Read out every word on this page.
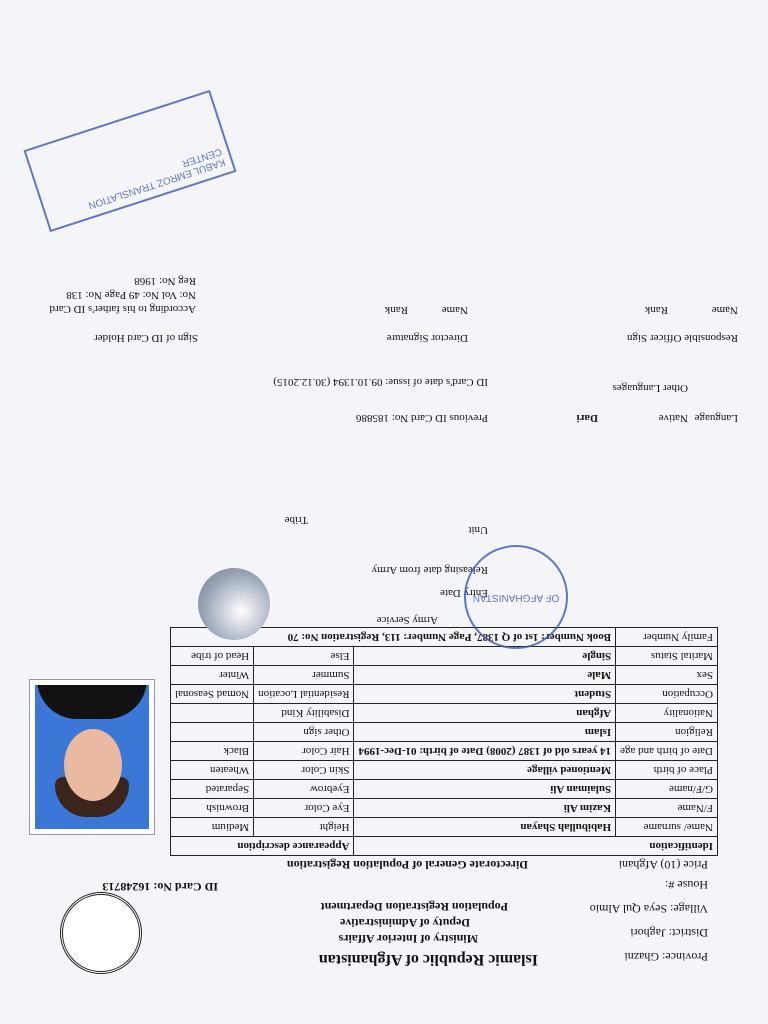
Islamic Republic of Afghanistan
Ministry of Interior Affairs
Deputy of Administrative
Population Registration Department
Province: Ghazni
District: Jaghori
Village: Seya Qul Almio
House #:
ID Card No: 16248713
Price (10) Afghani
Directorate General of Population Registration
Identification		Appearance description	
Name/ surname	Habibullah Shayan	Height	Medium
F/Name	Kazim Ali	Eye Color	Brownish
G/F/name	Sulaiman Ali	Eyebrow	Separated
Place of birth	Mentioned village	Skin Color	Wheaten
Date of birth and age	14 years old of 1387 (2008) Date of birth: 01-Dec-1994	Hair Color	Black
Religion	Islam	Other sign	
Nationality	Afghan	Disability Kind	
Occupation	Student	Residential Location	Nomad Seasonal
Sex	Male	Summer	Winter
Marital Status	Single	Else	Head of tribe
Family Number	Book Number: 1st of Q 1387, Page Number: 113, Registration No: 70		
Army Service
Entry Date
Releasing date from Army
Unit
Tribe
Language
Native
Dari
Other Languages
Previous ID Card No: 185886
ID Card's date of issue: 09.10.1394 (30.12.2015)
Responsible Officer Sign
Director Signature
Sign of ID Card Holder
Name
Rank
Name
Rank
According to his father's ID Card No: Vol No: 49 Page No: 138 Reg No: 1968
KABUL EMROZ TRANSLATION CENTER
OF AFGHANISTAN
